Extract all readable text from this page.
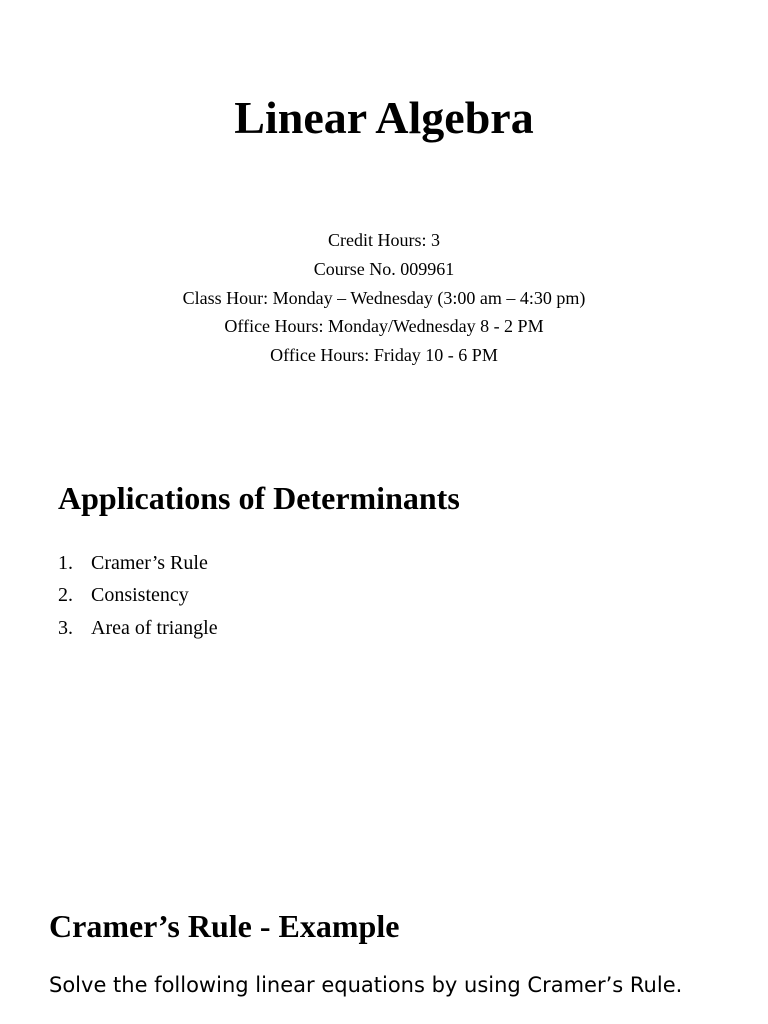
Linear Algebra
Credit Hours: 3
Course No. 009961
Class Hour: Monday – Wednesday (3:00 am – 4:30 pm)
Office Hours: Monday/Wednesday 8 - 2 PM
Office Hours: Friday 10 - 6 PM
Applications of Determinants
1. Cramer’s Rule
2. Consistency
3. Area of triangle
Cramer’s Rule - Example

Solve the following linear equations by using Cramer’s Rule.
